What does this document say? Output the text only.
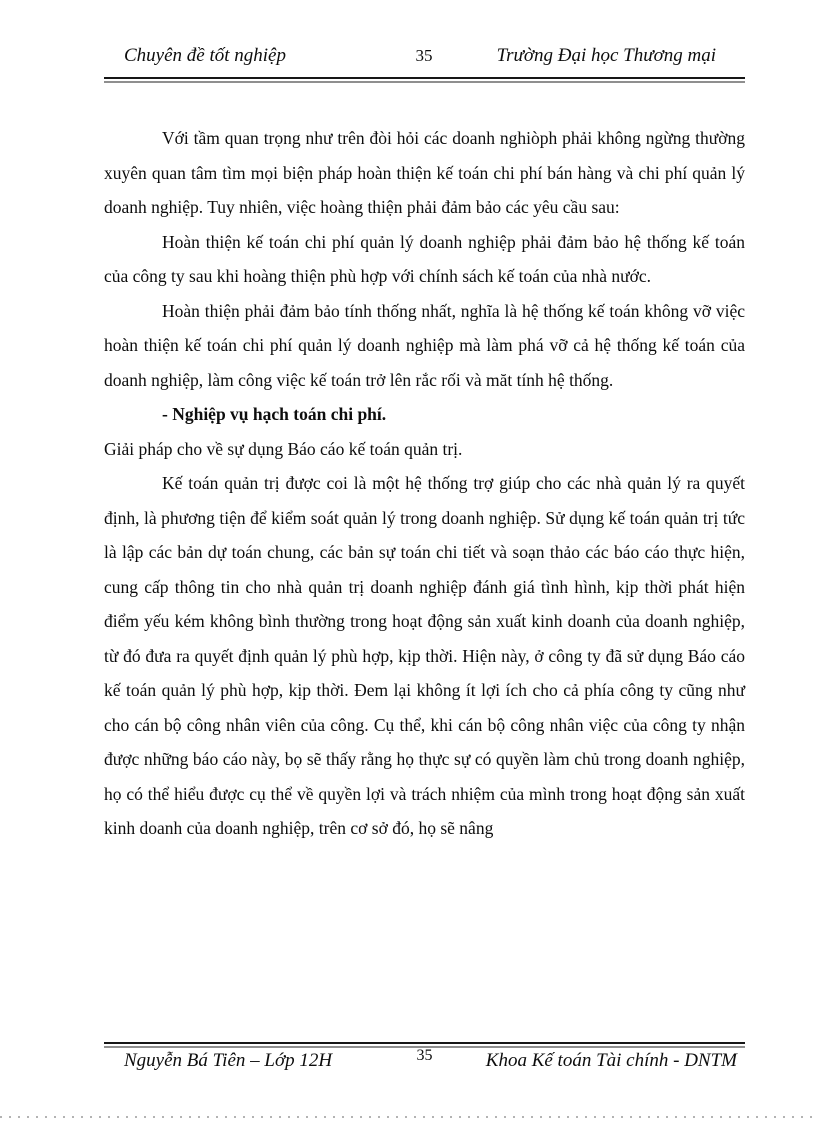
Chuyên đề tốt nghiệp	35	Trường Đại học Thương mại

Với tầm quan trọng như trên đòi hỏi các doanh nghiòph phải không ngừng thường xuyên quan tâm tìm mọi biện pháp hoàn thiện kế toán chi phí bán hàng và chi phí quản lý doanh nghiệp. Tuy nhiên, việc hoàng thiện phải đảm bảo các yêu cầu sau:

Hoàn thiện kế toán chi phí quản lý doanh nghiệp phải đảm bảo hệ thống kế toán của công ty sau khi hoàng thiện phù hợp với chính sách kế toán của nhà nước.

Hoàn thiện phải đảm bảo tính thống nhất, nghĩa là hệ thống kế toán không vỡ việc hoàn thiện kế toán chi phí quản lý doanh nghiệp mà làm phá vỡ cả hệ thống kế toán của doanh nghiệp, làm công việc kế toán trở lên rắc rối và măt tính hệ thống.

- Nghiệp vụ hạch toán chi phí.

Giải pháp cho về sự dụng Báo cáo kế toán quản trị.

Kế toán quản trị được coi là một hệ thống trợ giúp cho các nhà quản lý ra quyết định, là phương tiện để kiểm soát quản lý trong doanh nghiệp. Sử dụng kế toán quản trị tức là lập các bản dự toán chung, các bản sự toán chi tiết và soạn thảo các báo cáo thực hiện, cung cấp thông tin cho nhà quản trị doanh nghiệp đánh giá tình hình, kịp thời phát hiện điểm yếu kém không bình thường trong hoạt động sản xuất kinh doanh của doanh nghiệp, từ đó đưa ra quyết định quản lý phù hợp, kịp thời. Hiện này, ở công ty đã sử dụng Báo cáo kế toán quản lý phù hợp, kịp thời. Đem lại không ít lợi ích cho cả phía công ty cũng như cho cán bộ công nhân viên của công. Cụ thể, khi cán bộ công nhân việc của công ty nhận được những báo cáo này, bọ sẽ thấy rằng họ thực sự có quyền làm chủ trong doanh nghiệp, họ có thể hiểu được cụ thể về quyền lợi và trách nhiệm của mình trong hoạt động sản xuất kinh doanh của doanh nghiệp, trên cơ sở đó, họ sẽ nâng

Nguyễn Bá Tiên – Lớp 12H	35	Khoa Kế toán Tài chính - DNTM
